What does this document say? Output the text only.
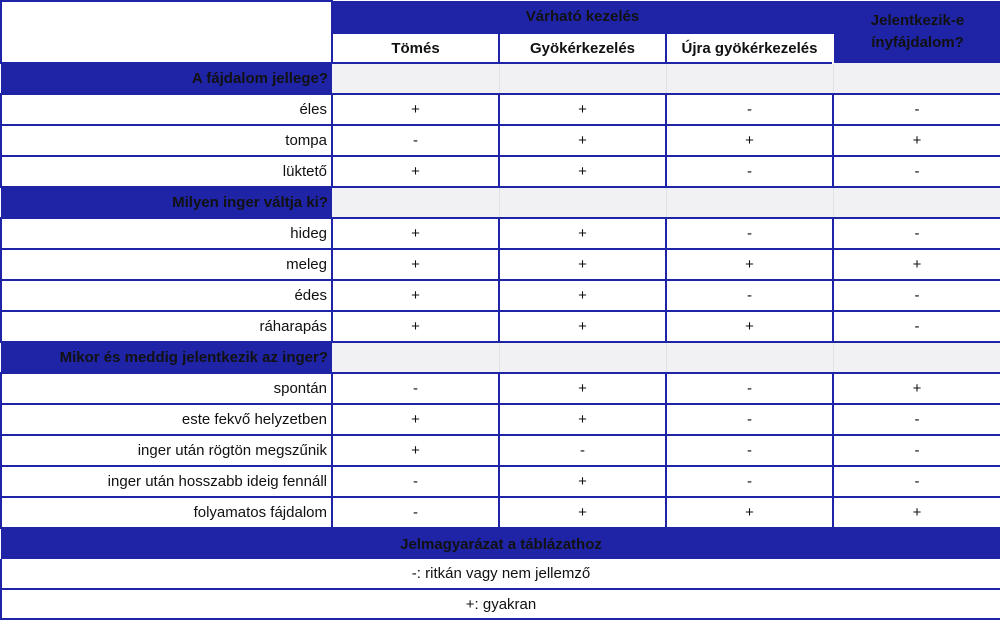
	Várható kezelés			Jelentkezik-e ínyfájdalom?
	Tömés	Gyökérkezelés	Újra gyökérkezelés	
A fájdalom jellege?				
éles	+	+	-	-
tompa	-	+	+	+
lüktető	+	+	-	-
Milyen inger váltja ki?				
hideg	+	+	-	-
meleg	+	+	+	+
édes	+	+	-	-
ráharapás	+	+	+	-
Mikor és meddig jelentkezik az inger?				
spontán	-	+	-	+
este fekvő helyzetben	+	+	-	-
inger után rögtön megszűnik	+	-	-	-
inger után hosszabb ideig fennáll	-	+	-	-
folyamatos fájdalom	-	+	+	+
Jelmagyarázat a táblázathoz				
-: ritkán vagy nem jellemző				
+: gyakran				
